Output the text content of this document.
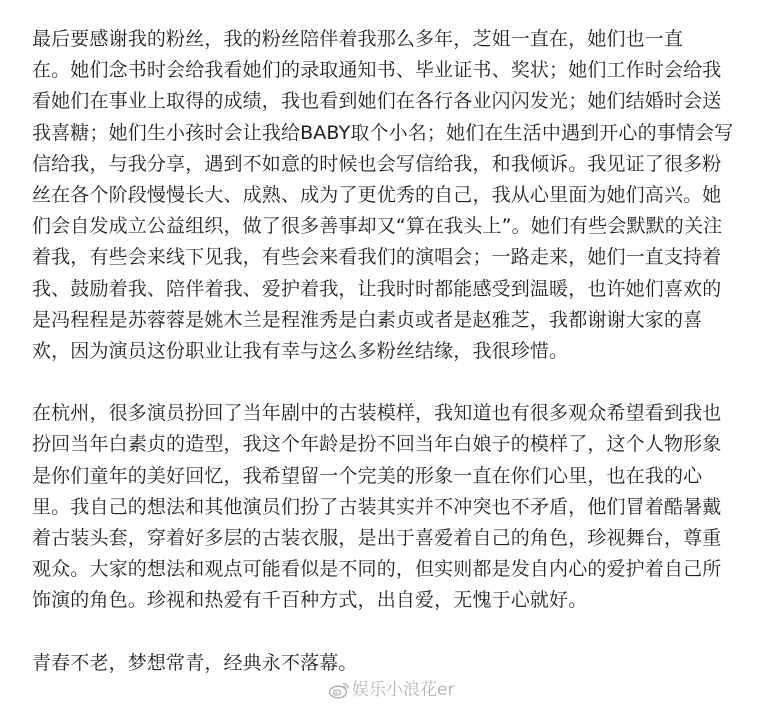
最后要感谢我的粉丝，我的粉丝陪伴着我那么多年，芝姐一直在，她们也一直
在。她们念书时会给我看她们的录取通知书、毕业证书、奖状；她们工作时会给我
看她们在事业上取得的成绩，我也看到她们在各行各业闪闪发光；她们结婚时会送
我喜糖；她们生小孩时会让我给BABY取个小名；她们在生活中遇到开心的事情会写
信给我，与我分享，遇到不如意的时候也会写信给我，和我倾诉。我见证了很多粉
丝在各个阶段慢慢长大、成熟、成为了更优秀的自己，我从心里面为她们高兴。她
们会自发成立公益组织，做了很多善事却又“算在我头上”。她们有些会默默的关注
着我，有些会来线下见我，有些会来看我们的演唱会；一路走来，她们一直支持着
我、鼓励着我、陪伴着我、爱护着我，让我时时都能感受到温暖，也许她们喜欢的
是冯程程是苏蓉蓉是姚木兰是程淮秀是白素贞或者是赵雅芝，我都谢谢大家的喜
欢，因为演员这份职业让我有幸与这么多粉丝结缘，我很珍惜。

在杭州，很多演员扮回了当年剧中的古装模样，我知道也有很多观众希望看到我也
扮回当年白素贞的造型，我这个年龄是扮不回当年白娘子的模样了，这个人物形象
是你们童年的美好回忆，我希望留一个完美的形象一直在你们心里，也在我的心
里。我自己的想法和其他演员们扮了古装其实并不冲突也不矛盾，他们冒着酷暑戴
着古装头套，穿着好多层的古装衣服，是出于喜爱着自己的角色，珍视舞台，尊重
观众。大家的想法和观点可能看似是不同的，但实则都是发自内心的爱护着自己所
饰演的角色。珍视和热爱有千百种方式，出自爱，无愧于心就好。

青春不老，梦想常青，经典永不落幕。

娱乐小浪花er
